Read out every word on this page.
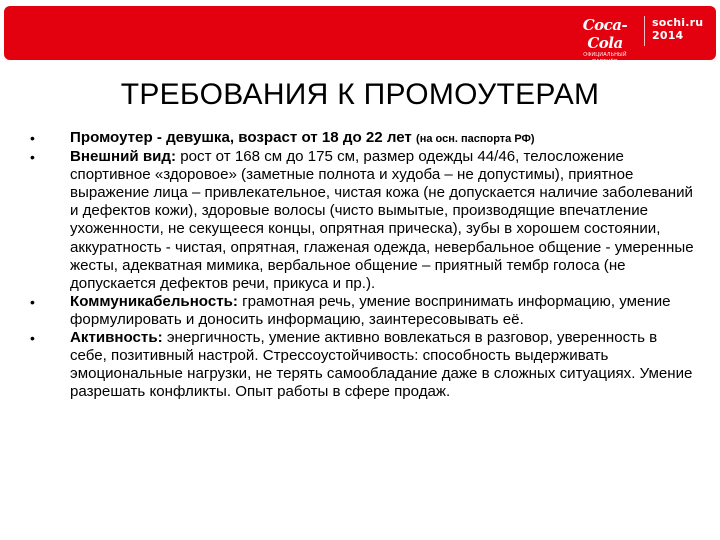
Coca-Cola
ОФИЦИАЛЬНЫЙ ПАРТНЁР
sochi.ru
2014
ТРЕБОВАНИЯ К ПРОМОУТЕРАМ
•	Промоутер - девушка, возраст от 18 до 22 лет (на осн. паспорта РФ)
•	Внешний вид: рост от 168 см до 175 см, размер одежды 44/46, телосложение спортивное «здоровое» (заметные полнота и худоба – не допустимы), приятное выражение лица – привлекательное, чистая кожа (не допускается наличие заболеваний и дефектов кожи), здоровые волосы (чисто вымытые, производящие впечатление ухоженности, не секущееся концы, опрятная прическа), зубы в хорошем состоянии, аккуратность - чистая, опрятная, глаженая одежда, невербальное общение - умеренные жесты, адекватная мимика, вербальное общение – приятный тембр голоса (не допускается дефектов речи, прикуса и пр.).
•	Коммуникабельность: грамотная речь, умение воспринимать информацию, умение формулировать и доносить информацию, заинтересовывать её.
•	Активность: энергичность, умение активно вовлекаться в разговор, уверенность в себе, позитивный настрой. Стрессоустойчивость: способность выдерживать эмоциональные нагрузки, не терять самообладание даже в сложных ситуациях. Умение разрешать конфликты. Опыт работы в сфере продаж.
